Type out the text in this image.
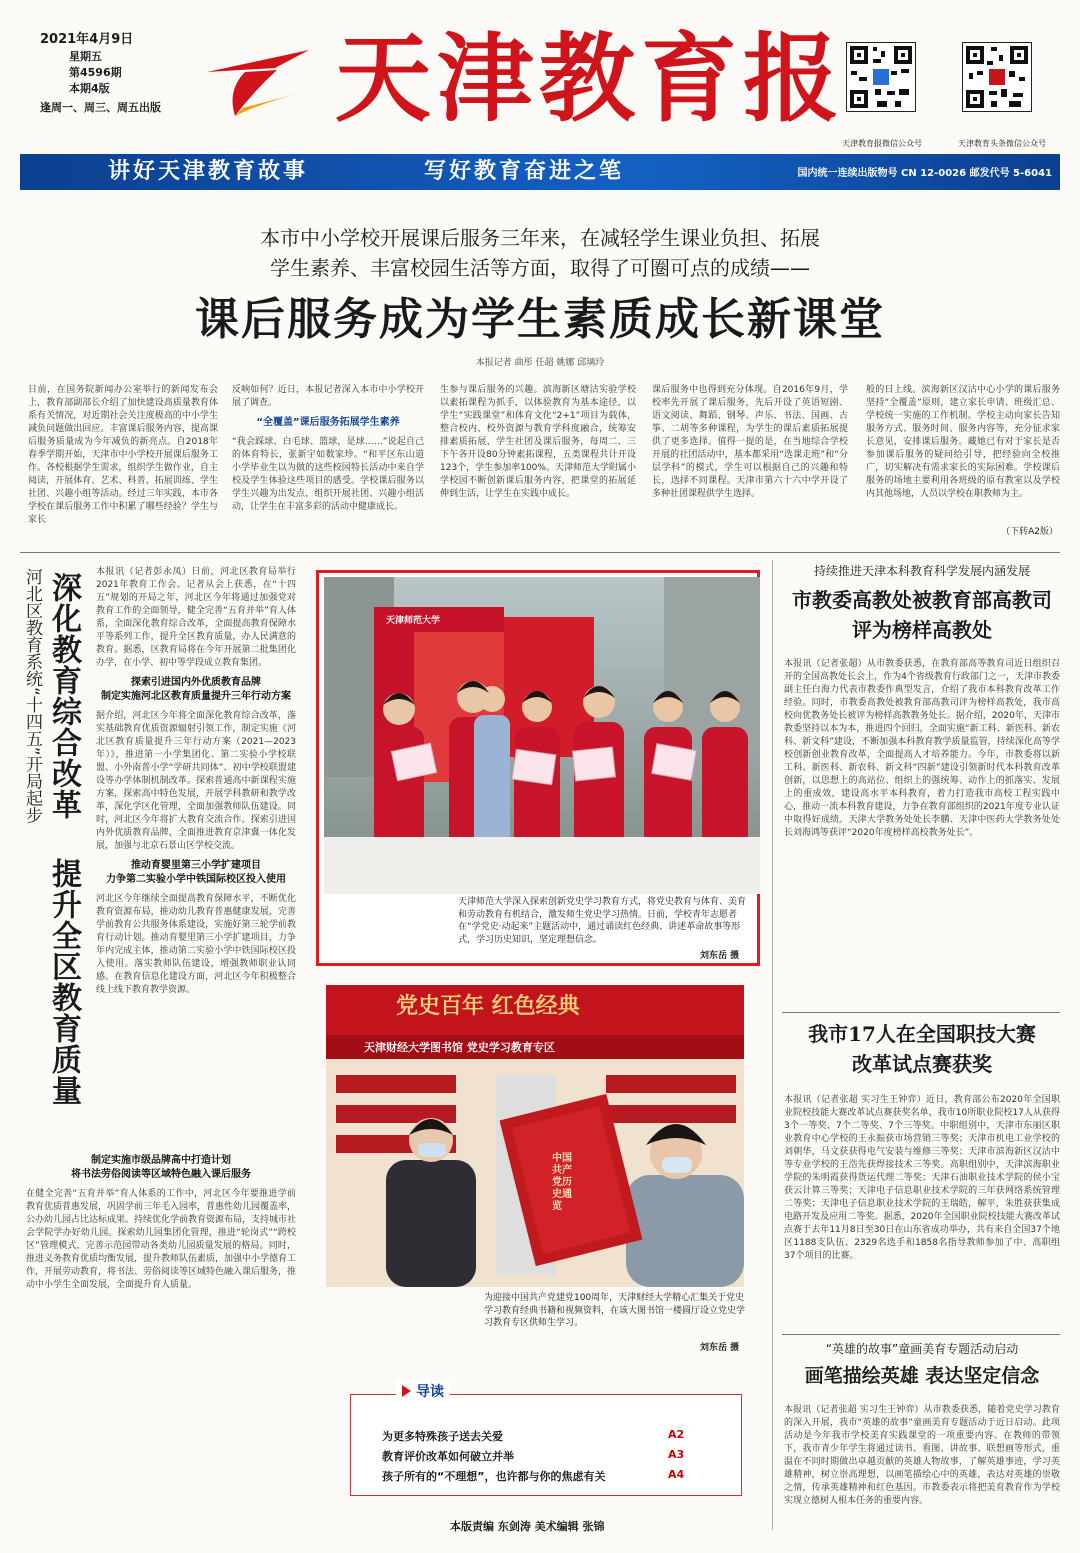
2021年4月9日
星期五
第4596期
本期4版
逢周一、周三、周五出版	天津教育报
天津教育报微信公众号	天津教育头条微信公众号
讲好天津教育故事	写好教育奋进之笔	国内统一连续出版物号 CN 12-0026 邮发代号 5-6041
本市中小学校开展课后服务三年来，在减轻学生课业负担、拓展
学生素养、丰富校园生活等方面，取得了可圈可点的成绩——
课后服务成为学生素质成长新课堂
本报记者 曲彤 任超 姚娜 邱璃玲
日前，在国务院新闻办公室举行的新闻发布会上，教育部副部长介绍了加快建设高质量教育体系有关情况，对近期社会关注度极高的中小学生减负问题做出回应。丰富课后服务内容，提高课后服务质量成为今年减负的新亮点。自2018年春季学期开始，天津市中小学校开展课后服务工作。各校根据学生需求，组织学生做作业，自主阅读，开展体育、艺术、科普、拓展训练、学生社团、兴趣小组等活动。经过三年实践，本市各学校在课后服务工作中积累了哪些经验？学生与家长
反响如何？近日，本报记者深入本市中小学校开展了调查。
“全覆盖”课后服务拓展学生素养
“我会踩球、白毛球、篮球，是球……”说起自己的体育特长，张新宇如数家珍。“和平区东山道小学毕业生以为做的这些校园特长活动中来自学校及学生体验这些项目的感受。学校课后服务以学生兴趣为出发点，组织开展社团、兴趣小组活动，让学生在丰富多彩的活动中健康成长。
生参与课后服务的兴趣。滨海新区塘沽实验学校以素拓课程为抓手，以体验教育为基本途径，以学生“实践课堂”和体育文化“2+1”项目为载体，整合校内、校外资源与教育学科度融合，统筹安排素质拓展，学生社团及课后服务，每周二、三下午各开设80分钟素拓课程，五类课程共计开设123个，学生参加率100%。天津师范大学附属小学校园不断创新课后服务内容，把课堂的拓展延伸到生活，让学生在实践中成长。
课后服务中也得到充分体现。自2016年9月，学校率先开展了课后服务，先后开设了英语短剧、语文阅读、舞蹈、钢琴、声乐、书法、国画、古筝、二胡等多种课程，为学生的课后素质拓展提供了更多选择。值得一提的是，在当地综合学校开展的社团活动中，基本都采用“选课走班”和“分层学科”的模式，学生可以根据自己的兴趣和特长，选择不同课程。天津市第六十六中学开设了多种社团课程供学生选择。
般的日上线。滨海新区汉沽中心小学的课后服务坚持“全覆盖”原则，建立家长申请、班级汇总、学校统一实施的工作机制。学校主动向家长告知服务方式、服务时间、服务内容等，充分征求家长意见，安排课后服务。藏她已有对于家长是否参加课后服务的疑问给引导，把经验向全校推广，切实解决有需求家长的实际困难。学校课后服务的场地主要利用各班级的原有教室以及学校内其他场地，人员以学校在职教师为主。
（下转A2版）
河北区教育系统“十四五”开局起步 深化教育综合改革
提升全区教育质量
本报讯（记者彭永凤）日前，河北区教育局举行2021年教育工作会。记者从会上获悉，在“十四五”规划的开局之年，河北区今年将通过加强党对教育工作的全面领导，健全完善“五育并举”育人体系，全面深化教育综合改革，全面提高教育保障水平等系列工作，提升全区教育质量，办人民满意的教育。据悉，区教育局将在今年开展第二批集团化办学，在小学、初中等学段成立教育集团。
探索引进国内外优质教育品牌
制定实施河北区教育质量提升三年行动方案
据介绍，河北区今年将全面深化教育综合改革，落实基础教育优质资源辐射引领工作，制定实施《河北区教育质量提升三年行动方案（2021—2023年）》，推进第一小学集团化、第二实验小学校联盟、小外南普小学“学研共同体”、初中学校联盟建设等办学体制机制改革。探索普通高中新课程实施方案，探索高中特色发展，开展学科教研和教学改革，深化学区化管理，全面加强教师队伍建设。同时，河北区今年将扩大教育交流合作。探索引进国内外优质教育品牌，全面推进教育京津冀一体化发展，加强与北京石景山区学校交流。
推动育婴里第三小学扩建项目
力争第二实验小学中铁国际校区投入使用
河北区今年继续全面提高教育保障水平，不断优化教育资源布局，推动幼儿教育普惠健康发展，完善学前教育公共服务体系建设，实施好第三轮学前教育行动计划。推动育婴里第三小学扩建项目，力争年内完成主体，推动第二实验小学中铁国际校区投入使用。落实教师队伍建设，增强教师职业认同感。在教育信息化建设方面，河北区今年积极整合线上线下教育教学资源。
制定实施市级品牌高中打造计划
将书法劳俗阅读等区域特色融入课后服务
在健全完善“五育并举”育人体系的工作中，河北区今年要推进学前教育优质普惠发展，巩固学前三年毛入园率，普惠性幼儿园覆盖率，公办幼儿园占比达标成果。持续优化学前教育资源布局，支持城市社会学院学办好幼儿园。探索幼儿园集团化管理，推进“轮岗式”“跨校区”管理模式，完善示范园带动各类幼儿园质量发展的格局。同时，推进义务教育优质均衡发展，提升教师队伍素质，加强中小学德育工作，开展劳动教育，将书法、劳俗阅读等区域特色融入课后服务，推动中小学生全面发展，全面提升育人质量。
天津师范大学
天津师范大学深入探索创新党史学习教育方式，将党史教育与体育、美育和劳动教育有机结合，激发师生党史学习热情。日前，学校青年志愿者在“学党史·动起来”主题活动中，通过诵读红色经典、讲述革命故事等形式，学习历史知识，坚定理想信念。
刘东岳 摄
党史百年 红色经典
天津财经大学图书馆 党史学习教育专区
中国共产党历史通览
为迎接中国共产党建党100周年，天津财经大学精心汇集关于党史学习教育经典书籍和视频资料，在该大图书馆一楼圆厅设立党史学习教育专区供师生学习。
刘东岳 摄
导读
为更多特殊孩子送去关爱	A2
教育评价改革如何破立并举	A3
孩子所有的“不理想”，也许都与你的焦虑有关	A4
本版责编 东剑涛 美术编辑 张锦
持续推进天津本科教育科学发展内涵发展
市教委高教处被教育部高教司
评为榜样高教处
本报讯（记者张超）从市教委获悉，在教育部高等教育司近日组织召开的全国高教处长会上，作为4个省级教育行政部门之一，天津市教委副主任白海力代表市教委作典型发言，介绍了我市本科教育改革工作经验。同时，市教委高教处被教育部高教司评为榜样高教处，我市高校向优教务处长被评为榜样高教教务处长。据介绍，2020年，天津市教委坚持以本为本，推进四个回归，全面实施“新工科、新医科、新农科、新文科”建设，不断加强本科教育教学质量监管，持续深化高等学校创新创业教育改革，全面提高人才培养能力。今年，市教委将以新工科、新医科、新农科、新文科“四新”建设引领新时代本科教育改革创新，以思想上的高站位、组织上的强统筹、动作上的抓落实、发展上的重成效，建设高水平本科教育，着力打造我市高校工程实践中心，推动一流本科教育建设，力争在教育部组织的2021年度专业认证中取得好成绩。天津大学教务处处长李鹏、天津中医药大学教务处处长刘海鸿等获评“2020年度榜样高校教务处长”。
我市17人在全国职技大赛
改革试点赛获奖
本报讯（记者张超 实习生王钟弈）近日，教育部公布2020年全国职业院校技能大赛改革试点赛获奖名单，我市10所职业院校17人从获得3个一等奖、7个二等奖、7个三等奖。中职组别中，天津市东丽区职业教育中心学校的王永振获市场营销三等奖；天津市机电工业学校的刘朝华，马文获获得电气安装与维修三等奖；天津市滨海新区汉沽中等专业学校的王浩先获焊接技术三等奖。高职组别中，天津滨海职业学院的朱明霞获得货运代理二等奖；天津石油职业技术学院的侯小宝获云计算三等奖；天津电子信息职业技术学院的三年获网络系统管理二等奖；天津电子信息职业技术学院的王瑞皓，解平，朱胜获获集成电路开发及应用二等奖。据悉，2020年全国职业院校技能大赛改革试点赛于去年11月8日至30日在山东省成功举办，共有来自全国37个地区1188支队伍、2329名选手和1858名指导教师参加了中、高职组37个项目的比赛。
“英雄的故事”童画美育专题活动启动
画笔描绘英雄 表达坚定信念
本报讯（记者张超 实习生王钟弈）从市教委获悉，随着党史学习教育的深入开展，我市“英雄的故事”童画美育专题活动于近日启动。此项活动是今年我市学校美育实践课堂的一项重要内容。在教师的带领下，我市青少年学生将通过读书、看图、讲故事、联想画等形式，重温在不同时期做出卓越贡献的英雄人物故事，了解英雄事迹，学习英雄精神，树立崇高理想，以画笔描绘心中的英雄，表达对英雄的崇敬之情，传承英雄精神和红色基因。市教委表示将把美育教育作为学校实现立德树人根本任务的重要内容。
